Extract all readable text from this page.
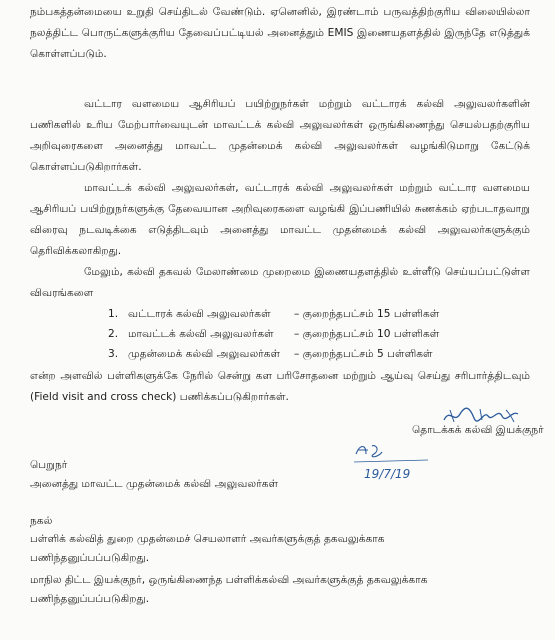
நம்பகத்தன்மையை உறுதி செய்திடல் வேண்டும். ஏனெனில், இரண்டாம் பருவத்திற்குரிய விலையில்லா நலத்திட்ட பொருட்களுக்குரிய தேவைப்பட்டியல் அனைத்தும் EMIS இணையதளத்தில் இருந்தே எடுத்துக் கொள்ளப்படும்.
வட்டார வளமைய ஆசிரியப் பயிற்றுநர்கள் மற்றும் வட்டாரக் கல்வி அலுவலர்களின் பணிகளில் உரிய மேற்பார்வையுடன் மாவட்டக் கல்வி அலுவலர்கள் ஒருங்கிணைந்து செயல்பதற்குரிய அறிவுரைகளை அனைத்து மாவட்ட முதன்மைக் கல்வி அலுவலர்கள் வழங்கிடுமாறு கேட்டுக் கொள்ளப்படுகிறார்கள்.
மாவட்டக் கல்வி அலுவலர்கள், வட்டாரக் கல்வி அலுவலர்கள் மற்றும் வட்டார வளமைய ஆசிரியப் பயிற்றுநர்களுக்கு தேவையான அறிவுரைகளை வழங்கி இப்பணியில் சுணக்கம் ஏற்படாதவாறு விரைவு நடவடிக்கை எடுத்திடவும் அனைத்து மாவட்ட முதன்மைக் கல்வி அலுவலர்களுக்கும் தெரிவிக்கலாகிறது.
மேலும், கல்வி தகவல் மேலாண்மை முறைமை இணையதளத்தில் உள்ளீடு செய்யப்பட்டுள்ள விவரங்களை
1. வட்டாரக் கல்வி அலுவலர்கள்	– குறைந்தபட்சம் 15 பள்ளிகள்
2. மாவட்டக் கல்வி அலுவலர்கள்	– குறைந்தபட்சம் 10 பள்ளிகள்
3. முதன்மைக் கல்வி அலுவலர்கள்	– குறைந்தபட்சம் 5 பள்ளிகள்
என்ற அளவில் பள்ளிகளுக்கே நேரில் சென்று கள பரிசோதனை மற்றும் ஆய்வு செய்து சரிபார்த்திடவும் (Field visit and cross check) பணிக்கப்படுகிறார்கள்.
தொடக்கக் கல்வி இயக்குநர்
19/7/19
பெறுநர்
அனைத்து மாவட்ட முதன்மைக் கல்வி அலுவலர்கள்
நகல்
பள்ளிக் கல்வித் துறை முதன்மைச் செயலாளர் அவர்களுக்குத் தகவலுக்காக
பணிந்தனுப்பப்படுகிறது.
மாநில திட்ட இயக்குநர், ஒருங்கிணைந்த பள்ளிக்கல்வி அவர்களுக்குத் தகவலுக்காக
பணிந்தனுப்பப்படுகிறது.
